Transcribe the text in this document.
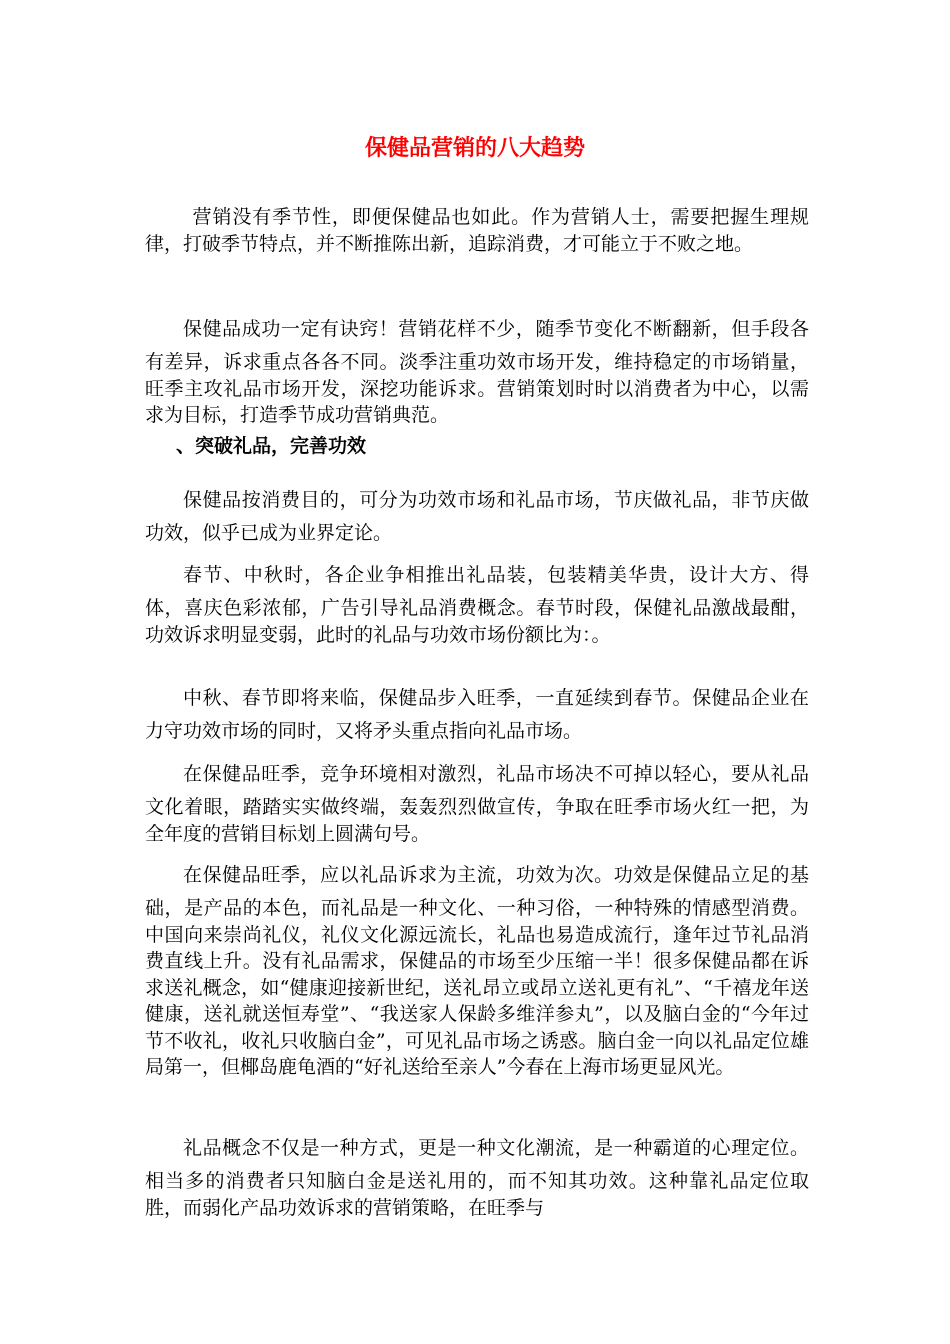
保健品营销的八大趋势

营销没有季节性，即便保健品也如此。作为营销人士，需要把握生理规律，打破季节特点，并不断推陈出新，追踪消费，才可能立于不败之地。

保健品成功一定有诀窍！营销花样不少，随季节变化不断翻新，但手段各有差异，诉求重点各各不同。淡季注重功效市场开发，维持稳定的市场销量，旺季主攻礼品市场开发，深挖功能诉求。营销策划时时以消费者为中心，以需求为目标，打造季节成功营销典范。

、突破礼品，完善功效

保健品按消费目的，可分为功效市场和礼品市场，节庆做礼品，非节庆做功效，似乎已成为业界定论。

春节、中秋时，各企业争相推出礼品装，包装精美华贵，设计大方、得体，喜庆色彩浓郁，广告引导礼品消费概念。春节时段，保健礼品激战最酣，功效诉求明显变弱，此时的礼品与功效市场份额比为：。

中秋、春节即将来临，保健品步入旺季，一直延续到春节。保健品企业在力守功效市场的同时，又将矛头重点指向礼品市场。

在保健品旺季，竞争环境相对激烈，礼品市场决不可掉以轻心，要从礼品文化着眼，踏踏实实做终端，轰轰烈烈做宣传，争取在旺季市场火红一把，为全年度的营销目标划上圆满句号。

在保健品旺季，应以礼品诉求为主流，功效为次。功效是保健品立足的基础，是产品的本色，而礼品是一种文化、一种习俗，一种特殊的情感型消费。中国向来崇尚礼仪，礼仪文化源远流长，礼品也易造成流行，逢年过节礼品消费直线上升。没有礼品需求，保健品的市场至少压缩一半！很多保健品都在诉求送礼概念，如“健康迎接新世纪，送礼昂立或昂立送礼更有礼”、“千禧龙年送健康，送礼就送恒寿堂”、“我送家人保龄多维洋参丸”，以及脑白金的“今年过节不收礼，收礼只收脑白金”，可见礼品市场之诱惑。脑白金一向以礼品定位雄局第一，但椰岛鹿龟酒的“好礼送给至亲人”今春在上海市场更显风光。

礼品概念不仅是一种方式，更是一种文化潮流，是一种霸道的心理定位。相当多的消费者只知脑白金是送礼用的，而不知其功效。这种靠礼品定位取胜，而弱化产品功效诉求的营销策略，在旺季与
